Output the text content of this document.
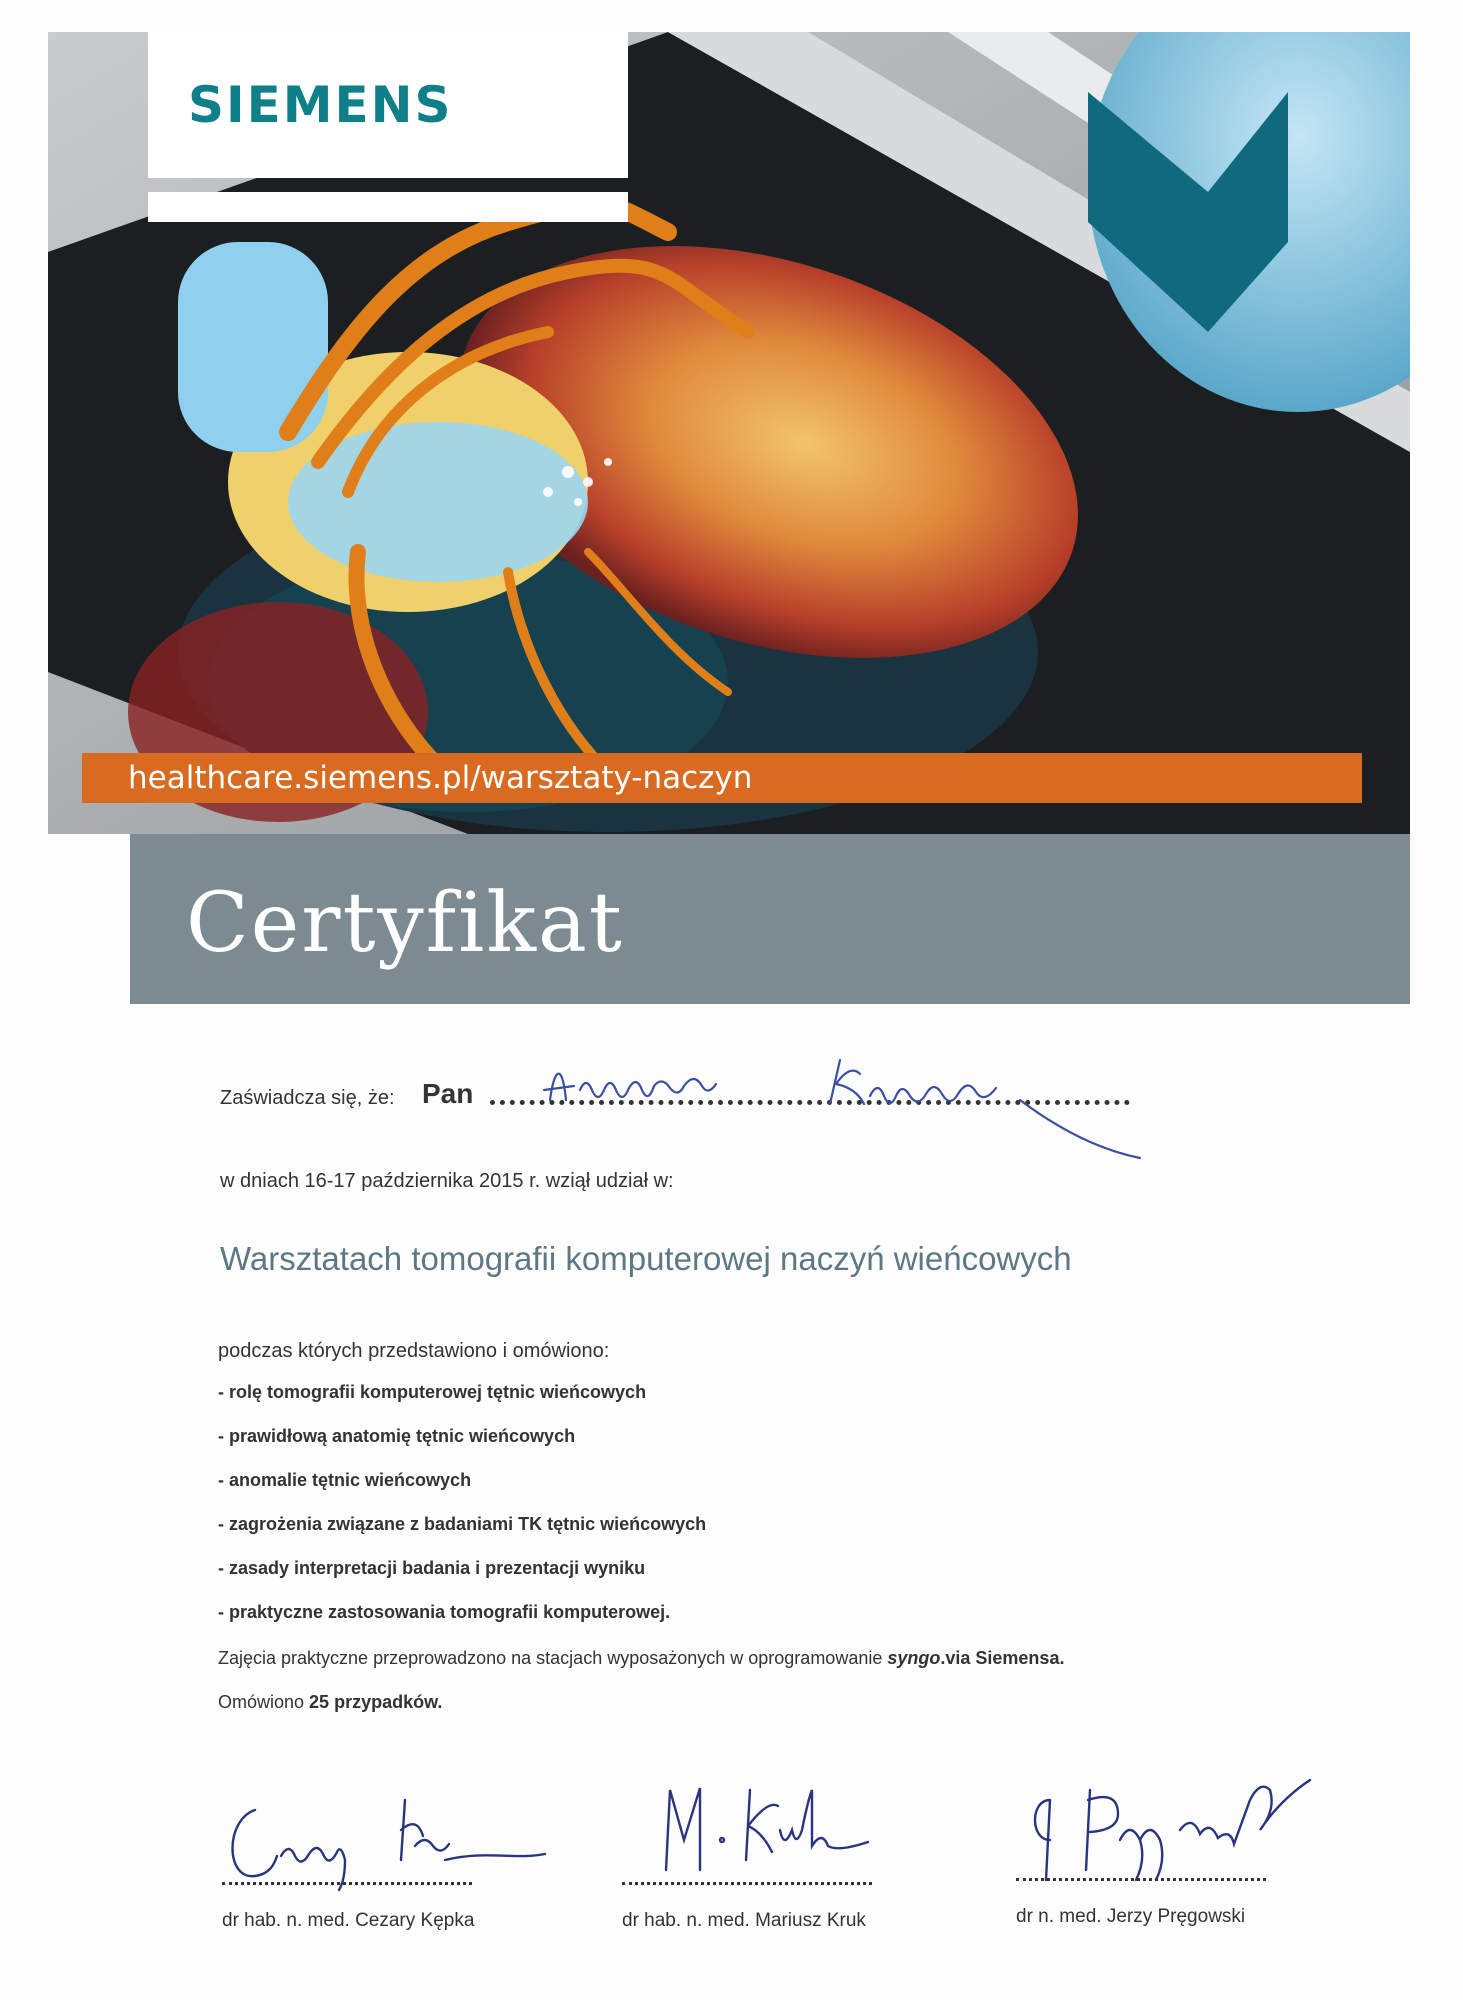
SIEMENS
healthcare.siemens.pl/warsztaty-naczyn
Certyfikat
Zaświadcza się, że: Pan
w dniach 16-17 października 2015 r. wziął udział w:
Warsztatach tomografii komputerowej naczyń wieńcowych
podczas których przedstawiono i omówiono:
- rolę tomografii komputerowej tętnic wieńcowych
- prawidłową anatomię tętnic wieńcowych
- anomalie tętnic wieńcowych
- zagrożenia związane z badaniami TK tętnic wieńcowych
- zasady interpretacji badania i prezentacji wyniku
- praktyczne zastosowania tomografii komputerowej.
Zajęcia praktyczne przeprowadzono na stacjach wyposażonych w oprogramowanie syngo.via Siemensa.
Omówiono 25 przypadków.
dr hab. n. med. Cezary Kępka	dr hab. n. med. Mariusz Kruk	dr n. med. Jerzy Pręgowski
